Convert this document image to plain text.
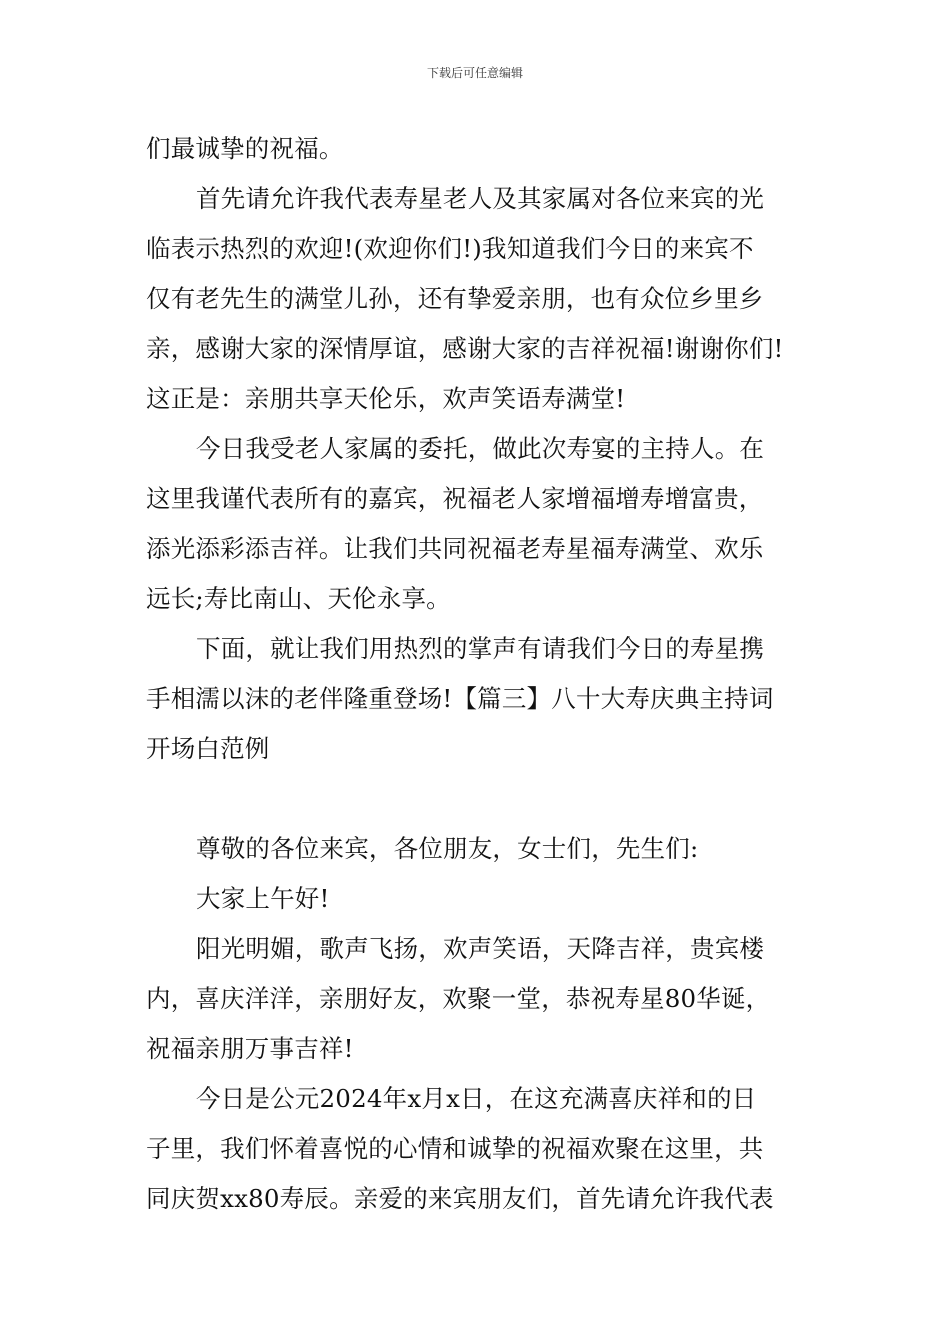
下载后可任意编辑
们最诚挚的祝福。
首先请允许我代表寿星老人及其家属对各位来宾的光
临表示热烈的欢迎!(欢迎你们!)我知道我们今日的来宾不
仅有老先生的满堂儿孙，还有挚爱亲朋，也有众位乡里乡
亲，感谢大家的深情厚谊，感谢大家的吉祥祝福!谢谢你们!
这正是：亲朋共享天伦乐，欢声笑语寿满堂!
今日我受老人家属的委托，做此次寿宴的主持人。在
这里我谨代表所有的嘉宾，祝福老人家增福增寿增富贵，
添光添彩添吉祥。让我们共同祝福老寿星福寿满堂、欢乐
远长;寿比南山、天伦永享。
下面，就让我们用热烈的掌声有请我们今日的寿星携
手相濡以沫的老伴隆重登场!【篇三】八十大寿庆典主持词
开场白范例
尊敬的各位来宾，各位朋友，女士们，先生们:
大家上午好!
阳光明媚，歌声飞扬，欢声笑语，天降吉祥，贵宾楼
内，喜庆洋洋，亲朋好友，欢聚一堂，恭祝寿星80华诞，
祝福亲朋万事吉祥!
今日是公元2024年x月x日，在这充满喜庆祥和的日
子里，我们怀着喜悦的心情和诚挚的祝福欢聚在这里，共
同庆贺xx80寿辰。亲爱的来宾朋友们，首先请允许我代表
